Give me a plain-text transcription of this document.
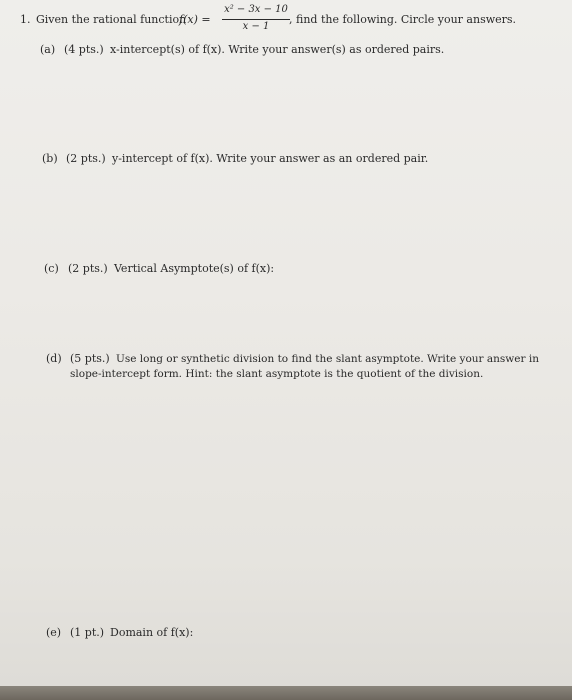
1. Given the rational function
f(x) =
x² − 3x − 10
x − 1
, find the following. Circle your answers.
(a) (4 pts.) x-intercept(s) of f(x). Write your answer(s) as ordered pairs.
(b) (2 pts.) y-intercept of f(x). Write your answer as an ordered pair.
(c) (2 pts.) Vertical Asymptote(s) of f(x):
(d) (5 pts.) Use long or synthetic division to find the slant asymptote. Write your answer in
slope-intercept form. Hint: the slant asymptote is the quotient of the division.
(e) (1 pt.) Domain of f(x):
